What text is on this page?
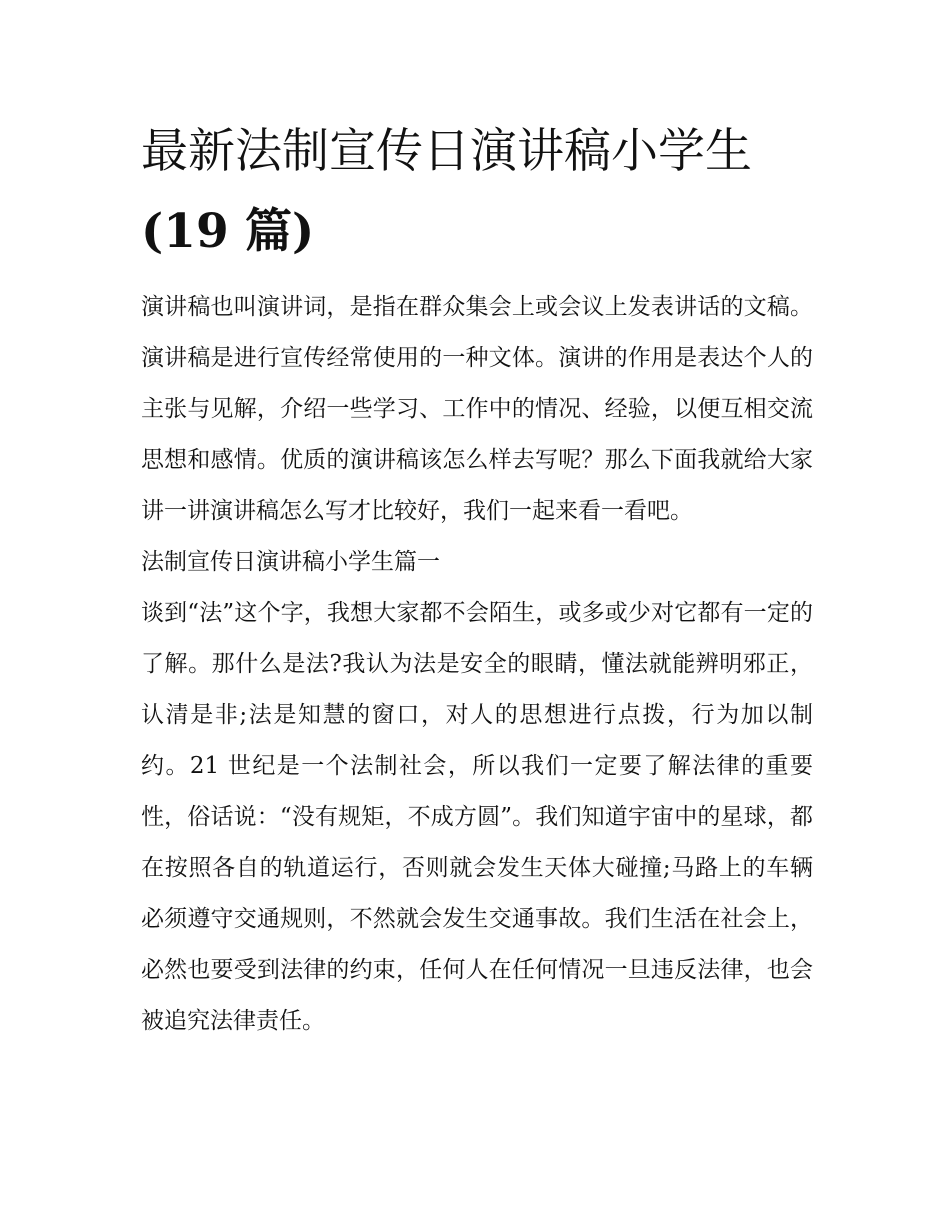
最新法制宣传日演讲稿小学生
(19 篇)

演讲稿也叫演讲词，是指在群众集会上或会议上发表讲话的文稿。演讲稿是进行宣传经常使用的一种文体。演讲的作用是表达个人的主张与见解，介绍一些学习、工作中的情况、经验，以便互相交流思想和感情。优质的演讲稿该怎么样去写呢？那么下面我就给大家讲一讲演讲稿怎么写才比较好，我们一起来看一看吧。

法制宣传日演讲稿小学生篇一

谈到“法”这个字，我想大家都不会陌生，或多或少对它都有一定的了解。那什么是法?我认为法是安全的眼睛，懂法就能辨明邪正，认清是非;法是知慧的窗口，对人的思想进行点拨，行为加以制约。21 世纪是一个法制社会，所以我们一定要了解法律的重要性，俗话说：“没有规矩，不成方圆”。我们知道宇宙中的星球，都在按照各自的轨道运行，否则就会发生天体大碰撞;马路上的车辆必须遵守交通规则，不然就会发生交通事故。我们生活在社会上，必然也要受到法律的约束，任何人在任何情况一旦违反法律，也会被追究法律责任。
